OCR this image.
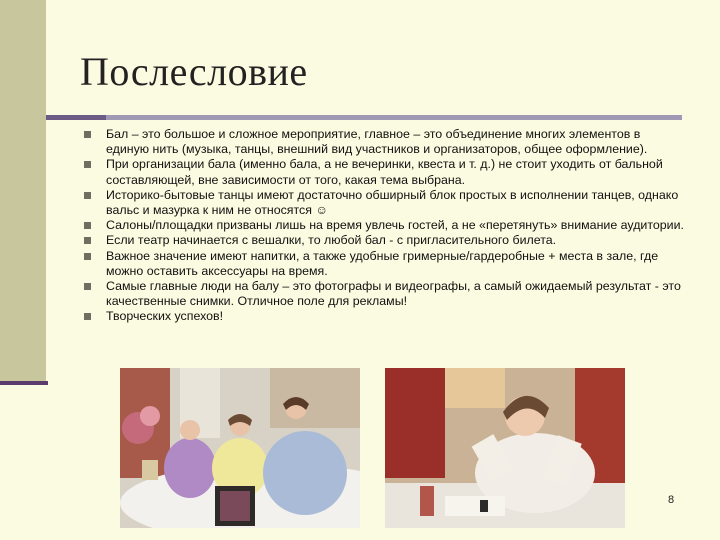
Послесловие
Бал – это большое и сложное мероприятие, главное – это объединение многих элементов в единую нить (музыка, танцы, внешний вид участников и организаторов, общее оформление).
При организации бала (именно бала, а не вечеринки, квеста и т. д.) не стоит уходить от бальной составляющей, вне зависимости от того, какая тема выбрана.
Историко-бытовые танцы имеют достаточно обширный блок простых в исполнении танцев, однако вальс и мазурка к ним не относятся ☺
Салоны/площадки призваны лишь на время увлечь гостей, а не «перетянуть» внимание аудитории.
Если театр начинается с вешалки, то любой бал - с пригласительного билета.
Важное значение имеют напитки, а также удобные гримерные/гардеробные + места в зале, где можно оставить аксессуары на время.
Самые главные люди на балу – это фотографы и видеографы, а самый ожидаемый результат - это качественные снимки. Отличное поле для рекламы!
Творческих успехов!
8
